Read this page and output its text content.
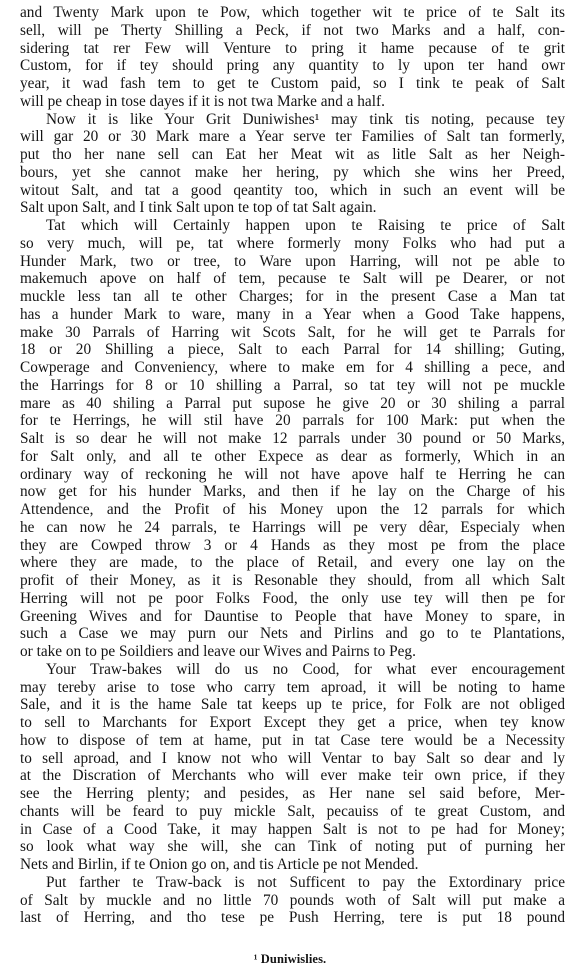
and Twenty Mark upon te Pow, which together wit te price of te Salt its
sell, will pe Therty Shilling a Peck, if not two Marks and a half, con-
sidering tat rer Few will Venture to pring it hame pecause of te grit
Custom, for if tey should pring any quantity to ly upon ter hand owr
year, it wad fash tem to get te Custom paid, so I tink te peak of Salt
will pe cheap in tose dayes if it is not twa Marke and a half.
Now it is like Your Grit Duniwishes¹ may tink tis noting, pecause tey
will gar 20 or 30 Mark mare a Year serve ter Families of Salt tan formerly,
put tho her nane sell can Eat her Meat wit as litle Salt as her Neigh-
bours, yet she cannot make her hering, py which she wins her Preed,
witout Salt, and tat a good qeantity too, which in such an event will be
Salt upon Salt, and I tink Salt upon te top of tat Salt again.
Tat which will Certainly happen upon te Raising te price of Salt
so very much, will pe, tat where formerly mony Folks who had put a
Hunder Mark, two or tree, to Ware upon Harring, will not pe able to
makemuch apove on half of tem, pecause te Salt will pe Dearer, or not
muckle less tan all te other Charges; for in the present Case a Man tat
has a hunder Mark to ware, many in a Year when a Good Take happens,
make 30 Parrals of Harring wit Scots Salt, for he will get te Parrals for
18 or 20 Shilling a piece, Salt to each Parral for 14 shilling; Guting,
Cowperage and Conveniency, where to make em for 4 shilling a pece, and
the Harrings for 8 or 10 shilling a Parral, so tat tey will not pe muckle
mare as 40 shiling a Parral put supose he give 20 or 30 shiling a parral
for te Herrings, he will stil have 20 parrals for 100 Mark: put when the
Salt is so dear he will not make 12 parrals under 30 pound or 50 Marks,
for Salt only, and all te other Expece as dear as formerly, Which in an
ordinary way of reckoning he will not have apove half te Herring he can
now get for his hunder Marks, and then if he lay on the Charge of his
Attendence, and the Profit of his Money upon the 12 parrals for which
he can now he 24 parrals, te Harrings will pe very dêar, Especialy when
they are Cowped throw 3 or 4 Hands as they most pe from the place
where they are made, to the place of Retail, and every one lay on the
profit of their Money, as it is Resonable they should, from all which Salt
Herring will not pe poor Folks Food, the only use tey will then pe for
Greening Wives and for Dauntise to People that have Money to spare, in
such a Case we may purn our Nets and Pirlins and go to te Plantations,
or take on to pe Soildiers and leave our Wives and Pairns to Peg.
Your Traw-bakes will do us no Cood, for what ever encouragement
may tereby arise to tose who carry tem aproad, it will be noting to hame
Sale, and it is the hame Sale tat keeps up te price, for Folk are not obliged
to sell to Marchants for Export Except they get a price, when tey know
how to dispose of tem at hame, put in tat Case tere would be a Necessity
to sell aproad, and I know not who will Ventar to bay Salt so dear and ly
at the Discration of Merchants who will ever make teir own price, if they
see the Herring plenty; and pesides, as Her nane sel said before, Mer-
chants will be feard to puy mickle Salt, pecauiss of te great Custom, and
in Case of a Cood Take, it may happen Salt is not to pe had for Money;
so look what way she will, she can Tink of noting put of purning her
Nets and Birlin, if te Onion go on, and tis Article pe not Mended.
Put farther te Traw-back is not Sufficent to pay the Extordinary price
of Salt by muckle and no little 70 pounds woth of Salt will put make a
last of Herring, and tho tese pe Push Herring, tere is put 18 pound
¹ Duniwislies.
